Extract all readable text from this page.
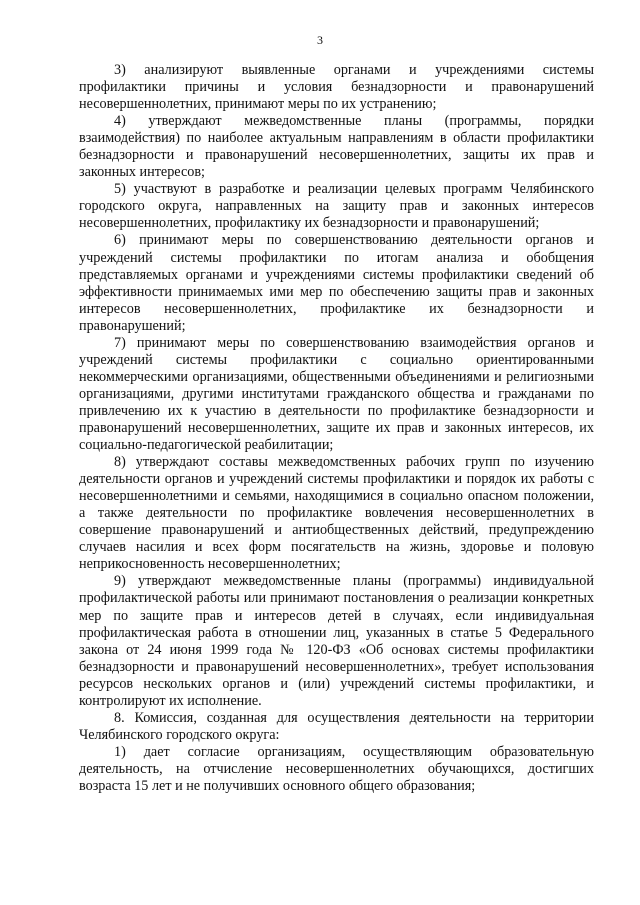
3

3) анализируют выявленные органами и учреждениями системы профилактики причины и условия безнадзорности и правонарушений несовершеннолетних, принимают меры по их устранению;

4) утверждают межведомственные планы (программы, порядки взаимодействия) по наиболее актуальным направлениям в области профилактики безнадзорности и правонарушений несовершеннолетних, защиты их прав и законных интересов;

5) участвуют в разработке и реализации целевых программ Челябинского городского округа, направленных на защиту прав и законных интересов несовершеннолетних, профилактику их безнадзорности и правонарушений;

6) принимают меры по совершенствованию деятельности органов и учреждений системы профилактики по итогам анализа и обобщения представляемых органами и учреждениями системы профилактики сведений об эффективности принимаемых ими мер по обеспечению защиты прав и законных интересов несовершеннолетних, профилактике их безнадзорности и правонарушений;

7) принимают меры по совершенствованию взаимодействия органов и учреждений системы профилактики с социально ориентированными некоммерческими организациями, общественными объединениями и религиозными организациями, другими институтами гражданского общества и гражданами по привлечению их к участию в деятельности по профилактике безнадзорности и правонарушений несовершеннолетних, защите их прав и законных интересов, их социально-педагогической реабилитации;

8) утверждают составы межведомственных рабочих групп по изучению деятельности органов и учреждений системы профилактики и порядок их работы с несовершеннолетними и семьями, находящимися в социально опасном положении, а также деятельности по профилактике вовлечения несовершеннолетних в совершение правонарушений и антиобщественных действий, предупреждению случаев насилия и всех форм посягательств на жизнь, здоровье и половую неприкосновенность несовершеннолетних;

9) утверждают межведомственные планы (программы) индивидуальной профилактической работы или принимают постановления о реализации конкретных мер по защите прав и интересов детей в случаях, если индивидуальная профилактическая работа в отношении лиц, указанных в статье 5 Федерального закона от 24 июня 1999 года № 120-ФЗ «Об основах системы профилактики безнадзорности и правонарушений несовершеннолетних», требует использования ресурсов нескольких органов и (или) учреждений системы профилактики, и контролируют их исполнение.

8. Комиссия, созданная для осуществления деятельности на территории Челябинского городского округа:

1) дает согласие организациям, осуществляющим образовательную деятельность, на отчисление несовершеннолетних обучающихся, достигших возраста 15 лет и не получивших основного общего образования;
